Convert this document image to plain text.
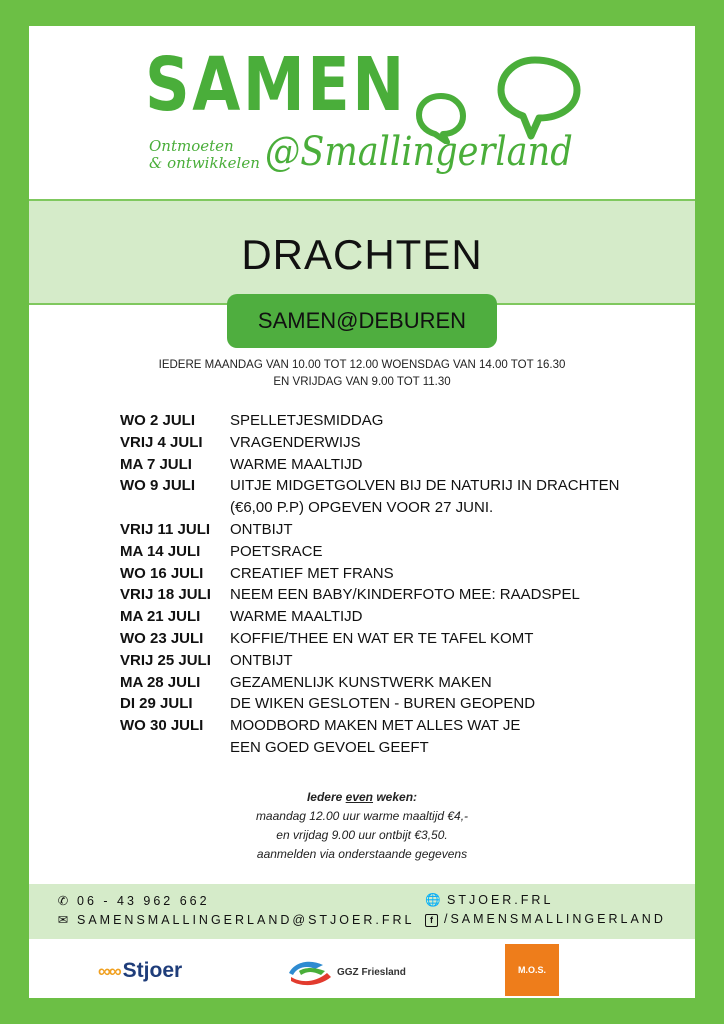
SAMEN
Ontmoeten
& ontwikkelen @Smallingerland
DRACHTEN
SAMEN@DEBUREN
IEDERE MAANDAG VAN 10.00 TOT 12.00 WOENSDAG VAN 14.00 TOT 16.30
EN VRIJDAG VAN 9.00 TOT 11.30
WO 2 JULI	SPELLETJESMIDDAG
VRIJ 4 JULI	VRAGENDERWIJS
MA 7 JULI	WARME MAALTIJD
WO 9 JULI	UITJE MIDGETGOLVEN BIJ DE NATURIJ IN DRACHTEN
(€6,00 P.P) OPGEVEN VOOR 27 JUNI.
VRIJ 11 JULI	ONTBIJT
MA 14 JULI	POETSRACE
WO 16 JULI	CREATIEF MET FRANS
VRIJ 18 JULI	NEEM EEN BABY/KINDERFOTO MEE: RAADSPEL
MA 21 JULI	WARME MAALTIJD
WO 23 JULI	KOFFIE/THEE EN WAT ER TE TAFEL KOMT
VRIJ 25 JULI	ONTBIJT
MA 28 JULI	GEZAMENLIJK KUNSTWERK MAKEN
DI 29 JULI	DE WIKEN GESLOTEN - BUREN GEOPEND
WO 30 JULI	MOODBORD MAKEN MET ALLES WAT JE
EEN GOED GEVOEL GEEFT
Iedere even weken:
maandag 12.00 uur warme maaltijd €4,-
en vrijdag 9.00 uur ontbijt €3,50.
aanmelden via onderstaande gegevens
✆ 06 - 43 962 662
✉ SAMENSMALLINGERLAND@STJOER.FRL
🌐 STJOER.FRL
f /SAMENSMALLINGERLAND
∞∞ Stjoer	GGZ Friesland	M.O.S.
